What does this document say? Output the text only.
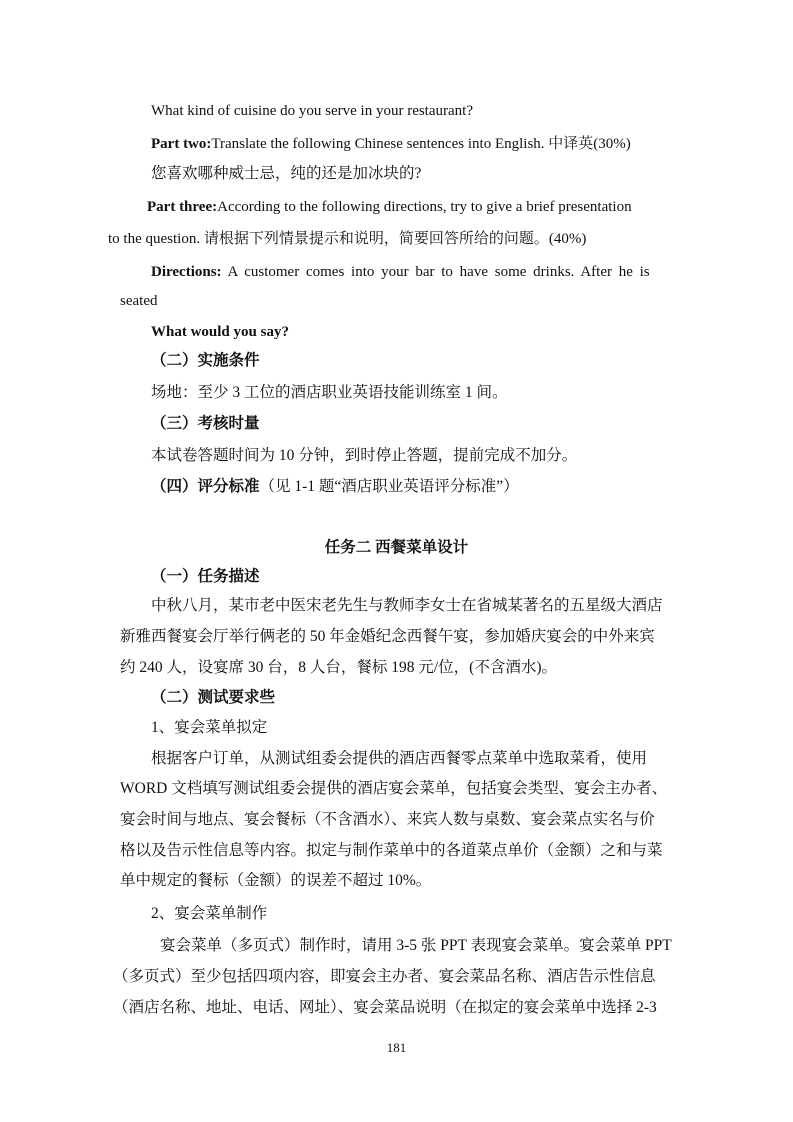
What kind of cuisine do you serve in your restaurant?
Part two:Translate the following Chinese sentences into English. 中译英(30%)
您喜欢哪种威士忌，纯的还是加冰块的?
Part three:According to the following directions, try to give a brief presentation
to the question. 请根据下列情景提示和说明，简要回答所给的问题。(40%)
Directions: A customer comes into your bar to have some drinks. After he is
seated
What would you say?
（二）实施条件
场地：至少 3 工位的酒店职业英语技能训练室 1 间。
（三）考核时量
本试卷答题时间为 10 分钟，到时停止答题，提前完成不加分。
（四）评分标准（见 1-1 题“酒店职业英语评分标准”）
任务二 西餐菜单设计
（一）任务描述
中秋八月，某市老中医宋老先生与教师李女士在省城某著名的五星级大酒店
新雅西餐宴会厅举行俩老的 50 年金婚纪念西餐午宴，参加婚庆宴会的中外来宾
约 240 人，设宴席 30 台，8 人台，餐标 198 元/位，(不含酒水)。
（二）测试要求些
1、宴会菜单拟定
根据客户订单，从测试组委会提供的酒店西餐零点菜单中选取菜肴，使用
WORD 文档填写测试组委会提供的酒店宴会菜单，包括宴会类型、宴会主办者、
宴会时间与地点、宴会餐标（不含酒水）、来宾人数与桌数、宴会菜点实名与价
格以及告示性信息等内容。拟定与制作菜单中的各道菜点单价（金额）之和与菜
单中规定的餐标（金额）的误差不超过 10%。
2、宴会菜单制作
宴会菜单（多页式）制作时，请用 3-5 张 PPT 表现宴会菜单。宴会菜单 PPT
（多页式）至少包括四项内容，即宴会主办者、宴会菜品名称、酒店告示性信息
（酒店名称、地址、电话、网址）、宴会菜品说明（在拟定的宴会菜单中选择 2-3
181
